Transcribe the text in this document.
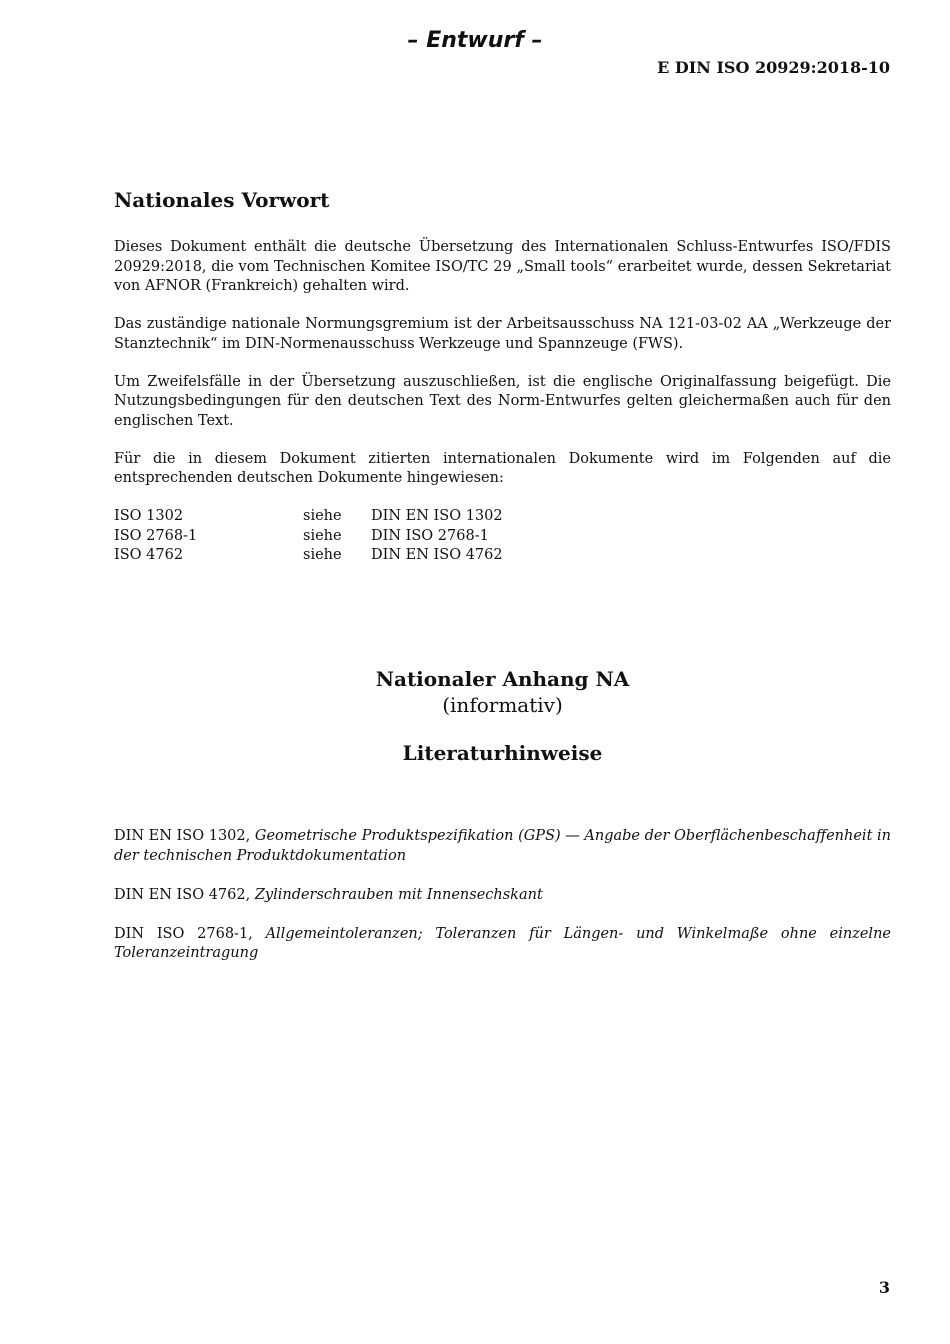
– Entwurf –
E DIN ISO 20929:2018-10
Nationales Vorwort

Dieses Dokument enthält die deutsche Übersetzung des Internationalen Schluss-Entwurfes ISO/FDIS 20929:2018, die vom Technischen Komitee ISO/TC 29 „Small tools“ erarbeitet wurde, dessen Sekretariat von AFNOR (Frankreich) gehalten wird.

Das zuständige nationale Normungsgremium ist der Arbeitsausschuss NA 121-03-02 AA „Werkzeuge der Stanztechnik“ im DIN-Normenausschuss Werkzeuge und Spannzeuge (FWS).

Um Zweifelsfälle in der Übersetzung auszuschließen, ist die englische Originalfassung beigefügt. Die Nutzungsbedingungen für den deutschen Text des Norm-Entwurfes gelten gleichermaßen auch für den englischen Text.

Für die in diesem Dokument zitierten internationalen Dokumente wird im Folgenden auf die entsprechenden deutschen Dokumente hingewiesen:

ISO 1302	siehe	DIN EN ISO 1302
ISO 2768-1	siehe	DIN ISO 2768-1
ISO 4762	siehe	DIN EN ISO 4762
Nationaler Anhang NA
(informativ)
Literaturhinweise

DIN EN ISO 1302, Geometrische Produktspezifikation (GPS) — Angabe der Oberflächenbeschaffenheit in der technischen Produktdokumentation

DIN EN ISO 4762, Zylinderschrauben mit Innensechskant

DIN ISO 2768-1, Allgemeintoleranzen; Toleranzen für Längen- und Winkelmaße ohne einzelne Toleranzeintragung

3
